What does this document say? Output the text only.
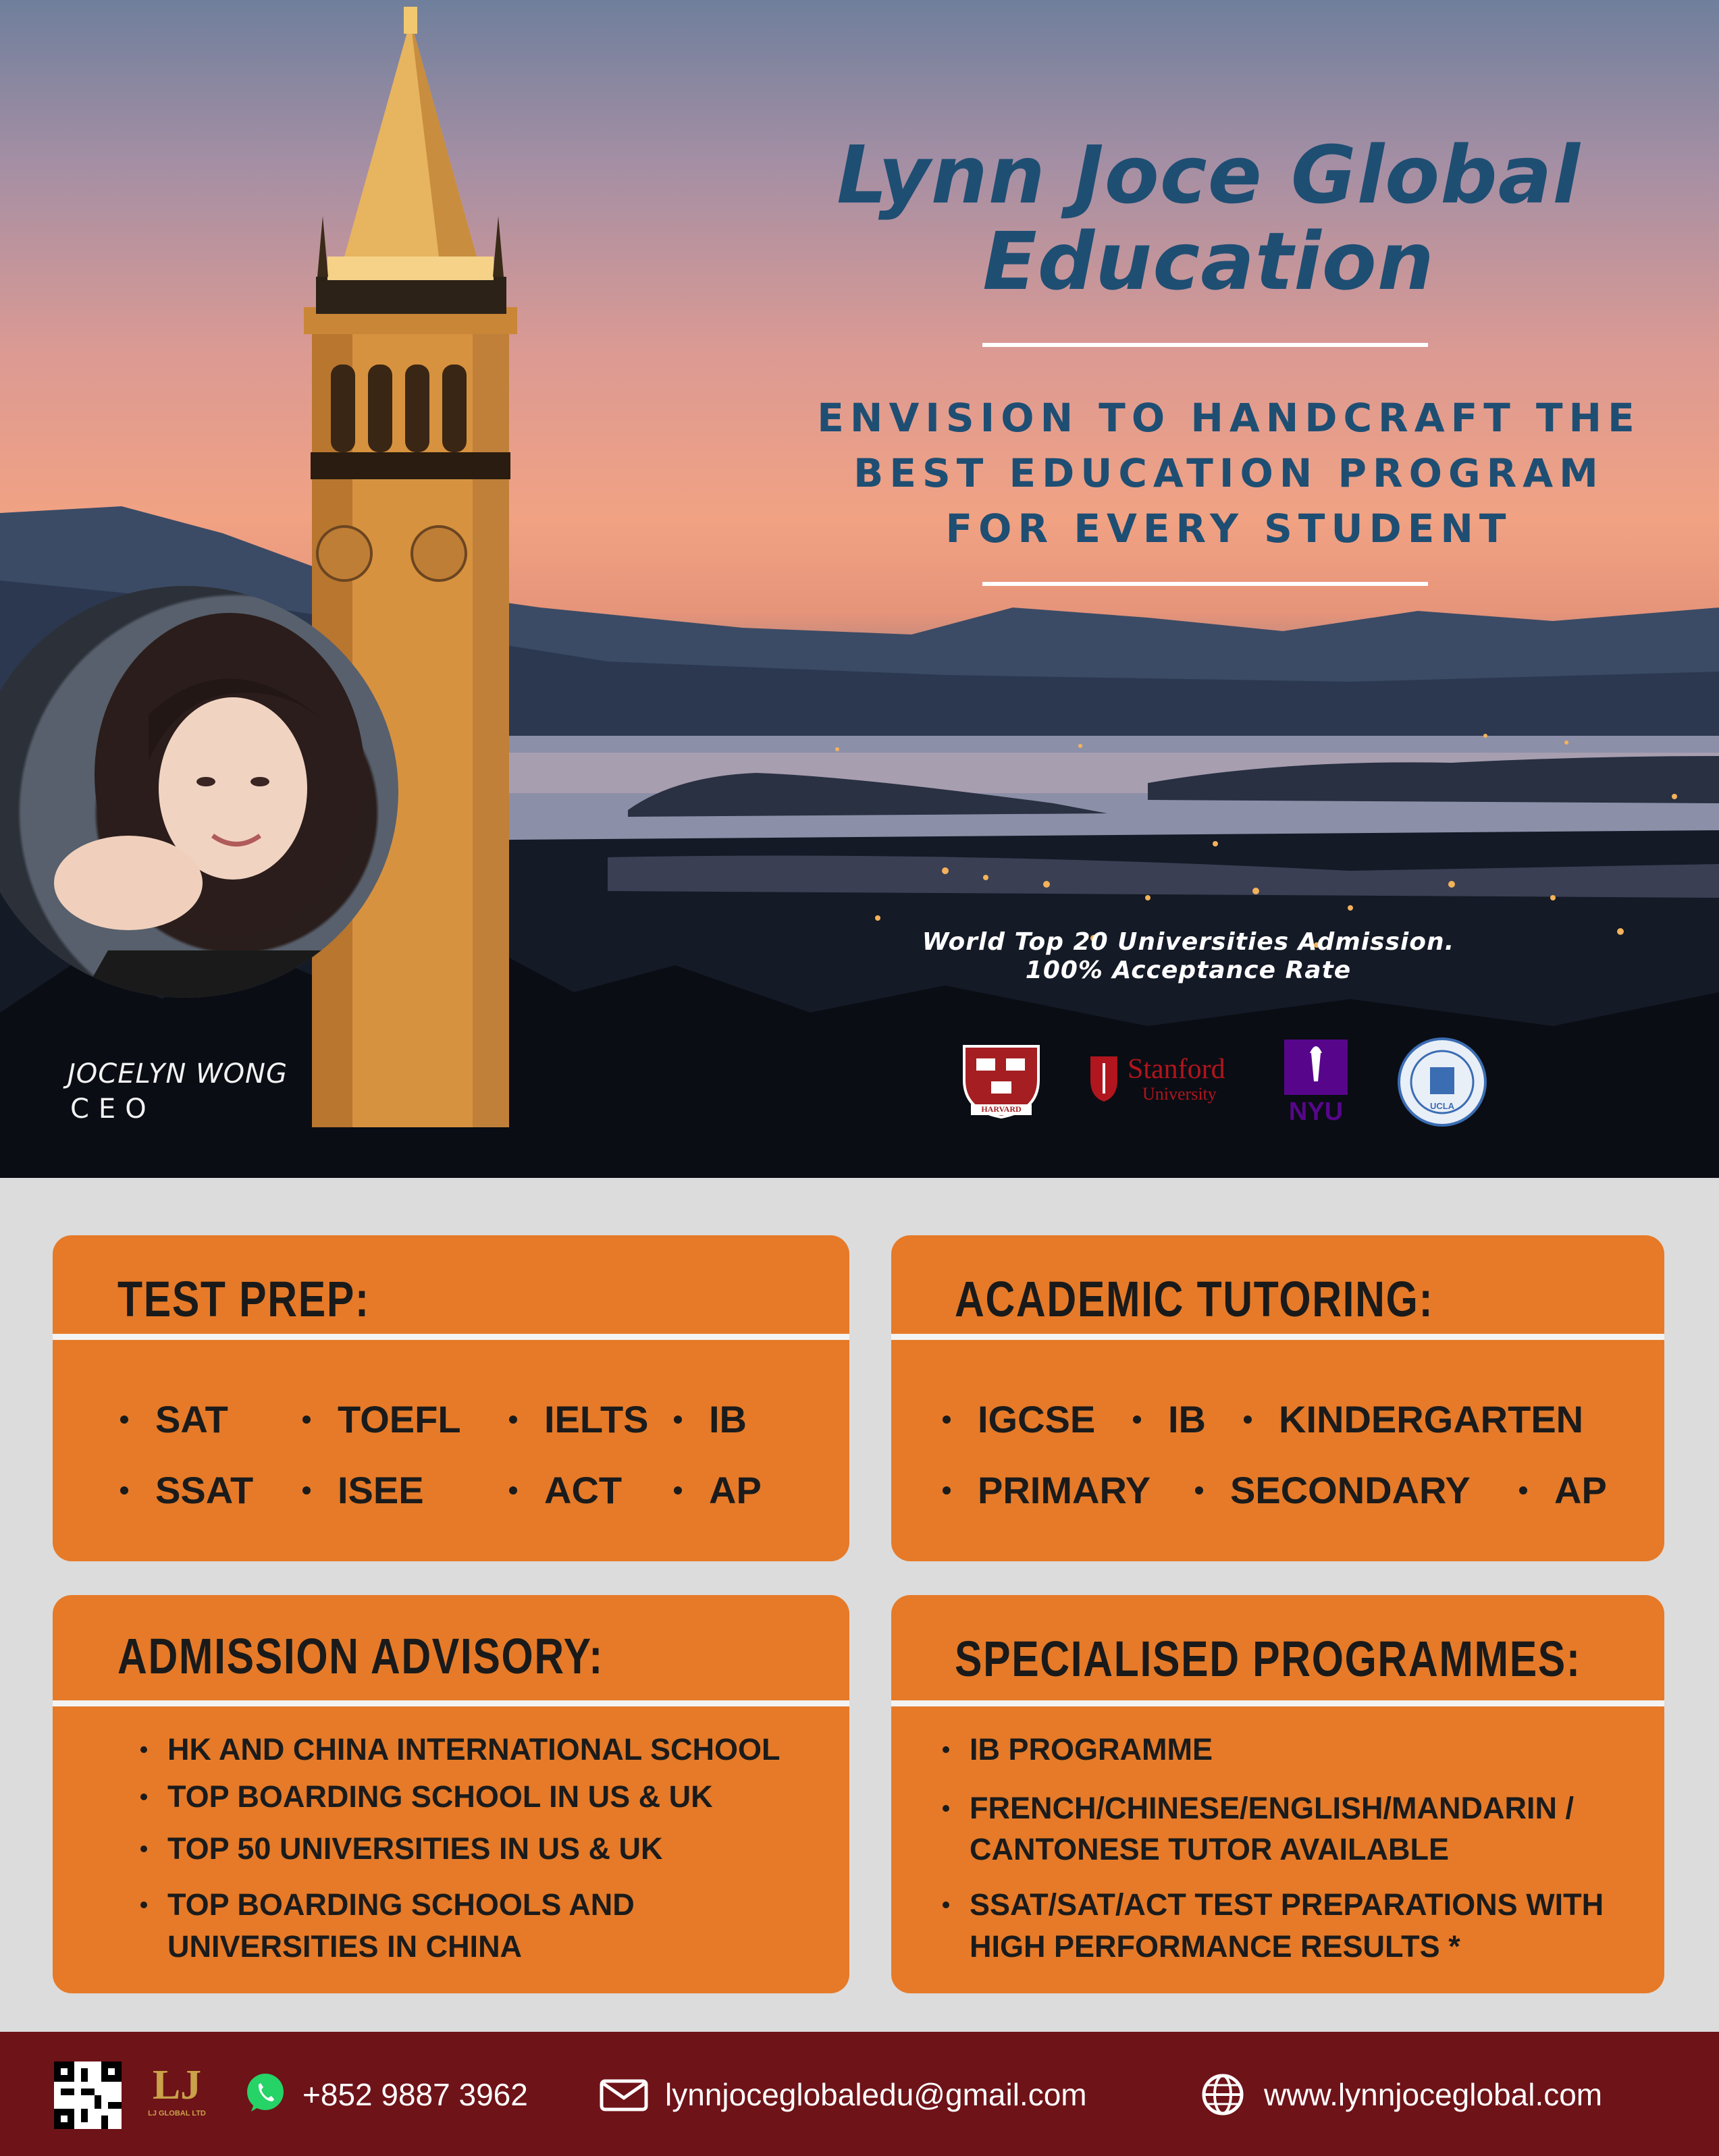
Lynn Joce Global
Education
ENVISION TO HANDCRAFT THE
BEST EDUCATION PROGRAM
FOR EVERY STUDENT
JOCELYN WONG
CEO
World Top 20 Universities Admission.
100% Acceptance Rate
HARVARD
Stanford
University
NYU	UCLA
TEST PREP:
SAT	TOEFL	IELTS	IB
SSAT	ISEE	ACT	AP
ACADEMIC TUTORING:
IGCSE	IB	KINDERGARTEN
PRIMARY	SECONDARY	AP
ADMISSION ADVISORY:
HK AND CHINA INTERNATIONAL SCHOOL
TOP BOARDING SCHOOL IN US & UK
TOP 50 UNIVERSITIES IN US & UK
TOP BOARDING SCHOOLS AND
UNIVERSITIES IN CHINA
SPECIALISED PROGRAMMES:
IB PROGRAMME
FRENCH/CHINESE/ENGLISH/MANDARIN /
CANTONESE TUTOR AVAILABLE
SSAT/SAT/ACT TEST PREPARATIONS WITH
HIGH PERFORMANCE RESULTS *
LJ
LJ GLOBAL LTD
+852 9887 3962	lynnjoceglobaledu@gmail.com	www.lynnjoceglobal.com
